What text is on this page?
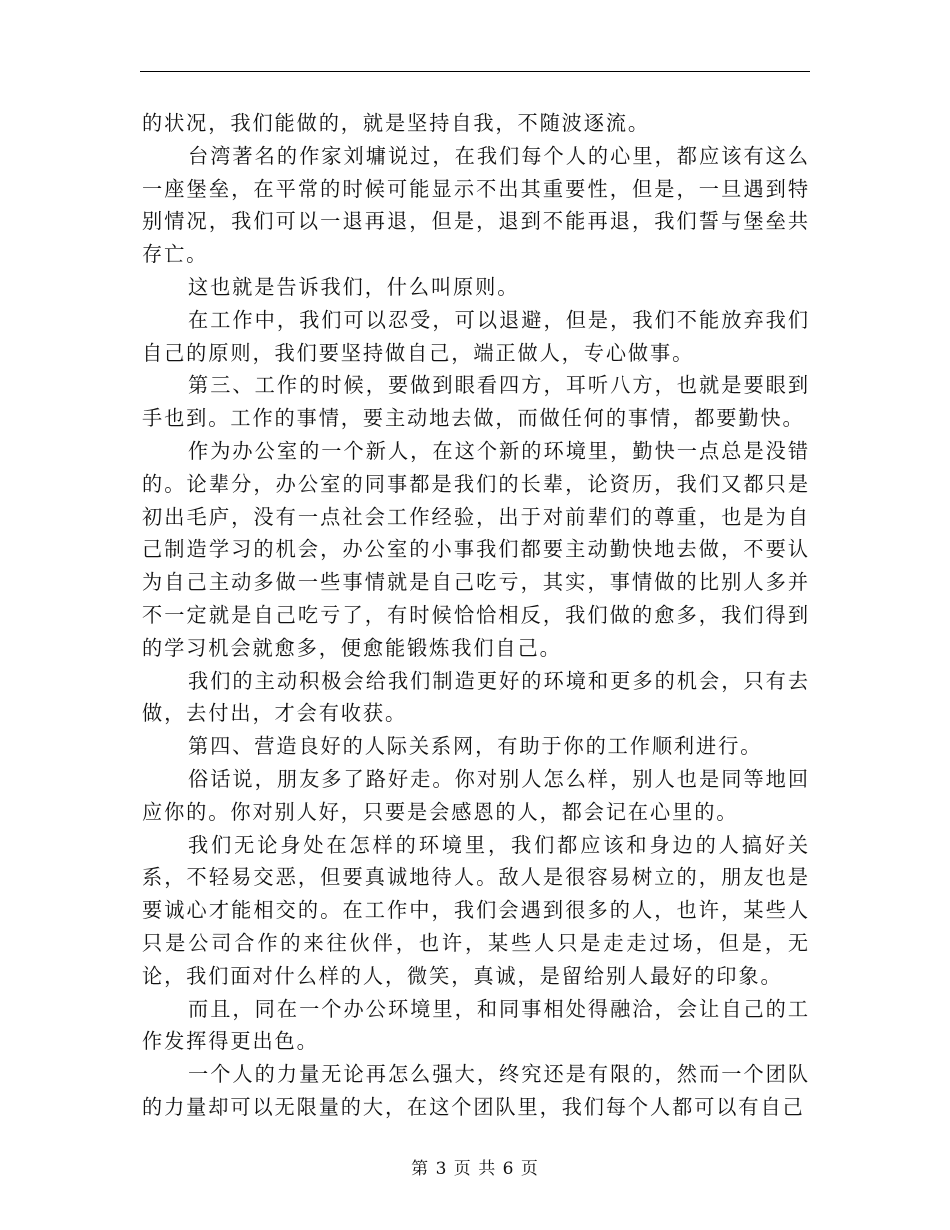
的状况，我们能做的，就是坚持自我，不随波逐流。

台湾著名的作家刘墉说过，在我们每个人的心里，都应该有这么一座堡垒，在平常的时候可能显示不出其重要性，但是，一旦遇到特别情况，我们可以一退再退，但是，退到不能再退，我们誓与堡垒共存亡。

这也就是告诉我们，什么叫原则。

在工作中，我们可以忍受，可以退避，但是，我们不能放弃我们自己的原则，我们要坚持做自己，端正做人，专心做事。

第三、工作的时候，要做到眼看四方，耳听八方，也就是要眼到手也到。工作的事情，要主动地去做，而做任何的事情，都要勤快。

作为办公室的一个新人，在这个新的环境里，勤快一点总是没错的。论辈分，办公室的同事都是我们的长辈，论资历，我们又都只是初出毛庐，没有一点社会工作经验，出于对前辈们的尊重，也是为自己制造学习的机会，办公室的小事我们都要主动勤快地去做，不要认为自己主动多做一些事情就是自己吃亏，其实，事情做的比别人多并不一定就是自己吃亏了，有时候恰恰相反，我们做的愈多，我们得到的学习机会就愈多，便愈能锻炼我们自己。

我们的主动积极会给我们制造更好的环境和更多的机会，只有去做，去付出，才会有收获。

第四、营造良好的人际关系网，有助于你的工作顺利进行。

俗话说，朋友多了路好走。你对别人怎么样，别人也是同等地回应你的。你对别人好，只要是会感恩的人，都会记在心里的。

我们无论身处在怎样的环境里，我们都应该和身边的人搞好关系，不轻易交恶，但要真诚地待人。敌人是很容易树立的，朋友也是要诚心才能相交的。在工作中，我们会遇到很多的人，也许，某些人只是公司合作的来往伙伴，也许，某些人只是走走过场，但是，无论，我们面对什么样的人，微笑，真诚，是留给别人最好的印象。

而且，同在一个办公环境里，和同事相处得融洽，会让自己的工作发挥得更出色。

一个人的力量无论再怎么强大，终究还是有限的，然而一个团队的力量却可以无限量的大，在这个团队里，我们每个人都可以有自己

第 3 页 共 6 页
